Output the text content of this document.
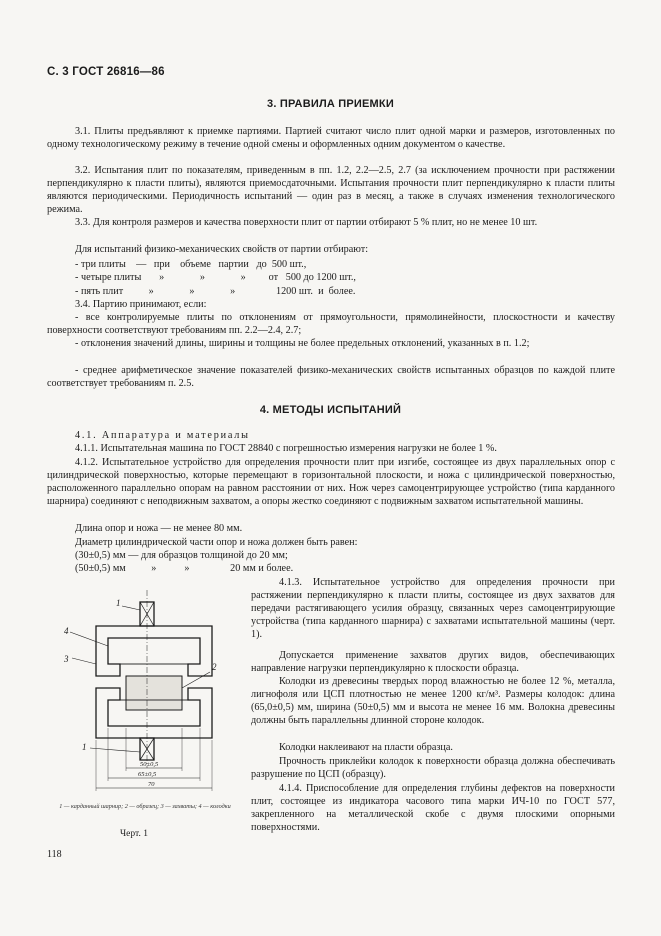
С. 3 ГОСТ 26816—86
3. ПРАВИЛА ПРИЕМКИ
3.1. Плиты предъявляют к приемке партиями. Партией считают число плит одной марки и размеров, изготовленных по одному технологическому режиму в течение одной смены и оформленных одним документом о качестве.
3.2. Испытания плит по показателям, приведенным в пп. 1.2, 2.2—2.5, 2.7 (за исключением прочности при растяжении перпендикулярно к пласти плиты), являются приемосдаточными. Испытания прочности плит перпендикулярно к пласти плиты являются периодическими. Периодичность испытаний — один раз в месяц, а также в случаях изменения технологического режима.
3.3. Для контроля размеров и качества поверхности плит от партии отбирают 5 % плит, но не менее 10 шт.
Для испытаний физико-механических свойств от партии отбирают:
- три плиты    —   при    объеме   партии   до  500 шт.,
- четыре плиты       »              »              »         от   500 до 1200 шт.,
- пять плит          »              »              »                1200 шт.  и  более.
3.4. Партию принимают, если:
- все контролируемые плиты по отклонениям от прямоугольности, прямолинейности, плоскостности и качеству поверхности соответствуют требованиям пп. 2.2—2.4, 2.7;
- отклонения значений длины, ширины и толщины не более предельных отклонений, указанных в п. 1.2;
- среднее арифметическое значение показателей физико-механических свойств испытанных образцов по каждой плите соответствует требованиям п. 2.5.
4. МЕТОДЫ ИСПЫТАНИЙ
4.1. Аппаратура и материалы
4.1.1. Испытательная машина по ГОСТ 28840 с погрешностью измерения нагрузки не более 1 %.
4.1.2. Испытательное устройство для определения прочности плит при изгибе, состоящее из двух параллельных опор с цилиндрической поверхностью, которые перемещают в горизонтальной плоскости, и ножа с цилиндрической поверхностью, расположенного параллельно опорам на равном расстоянии от них. Нож через самоцентрирующее устройство (типа карданного шарнира) соединяют с неподвижным захватом, а опоры жестко соединяют с подвижным захватом испытательной машины.
Длина опор и ножа — не менее 80 мм.
Диаметр цилиндрической части опор и ножа должен быть равен:
(30±0,5) мм — для образцов толщиной до 20 мм;
(50±0,5) мм          »           »                20 мм и более.
4.1.3. Испытательное устройство для определения прочности при растяжении перпендикулярно к пласти плиты, состоящее из двух захватов для передачи растягивающего усилия образцу, связанных через самоцентрирующие устройства (типа карданного шарнира) с захватами испытательной машины (черт. 1).
Допускается применение захватов других видов, обеспечивающих направление нагрузки перпендикулярно к плоскости образца.
Колодки из древесины твердых пород влажностью не более 12 %, металла, лигнофоля или ЦСП плотностью не менее 1200 кг/м³. Размеры колодок: длина (65,0±0,5) мм, ширина (50±0,5) мм и высота не менее 16 мм. Волокна древесины должны быть параллельны длинной стороне колодок.
Колодки наклеивают на пласти образца.
Прочность приклейки колодок к поверхности образца должна обеспечивать разрушение по ЦСП (образцу).
4.1.4. Приспособление для определения глубины дефектов на поверхности плит, состоящее из индикатора часового типа марки ИЧ-10 по ГОСТ 577, закрепленного на металлической скобе с двумя плоскими опорными поверхностями.
1
4
3
2
1
50±0,5
65±0,5
70
1 — карданный шарнир; 2 — образец; 3 — захваты; 4 — колодки
Черт. 1
118
